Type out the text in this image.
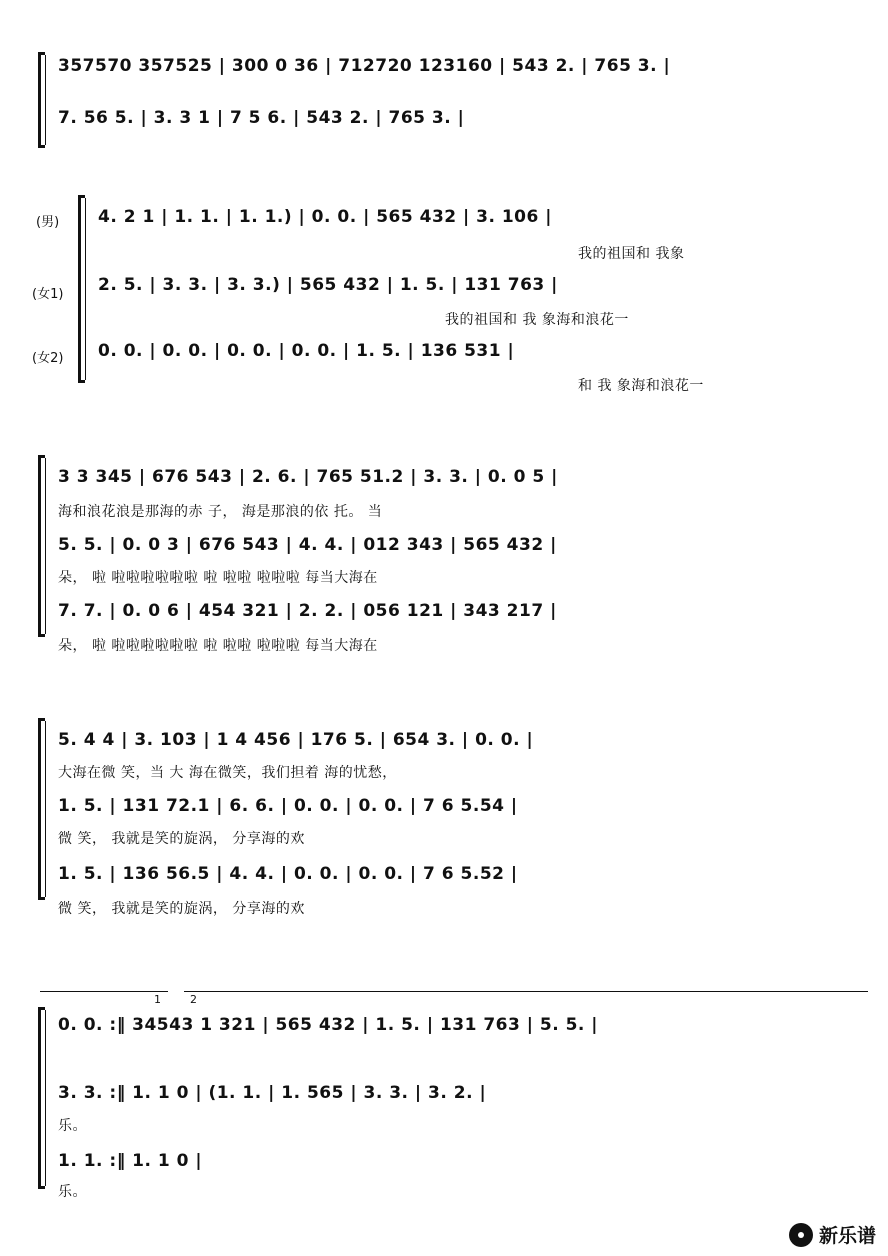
357570 357525 | 300 0 36 | 712720 123160 | 543 2. | 765 3. |
7. 56 5. | 3. 3 1 | 7 5 6. | 543 2. | 765 3. |
(男) 4. 2 1 | 1. 1. | 1. 1.) | 0. 0. | 565 432 | 3. 106 |
我的祖国和 我象
(女1) 2. 5. | 3. 3. | 3. 3.) | 565 432 | 1. 5. | 131 763 |
我的祖国和 我 象海和浪花一
(女2) 0. 0. | 0. 0. | 0. 0. | 0. 0. | 1. 5. | 136 531 |
和 我 象海和浪花一
3 3 345 | 676 543 | 2. 6. | 765 51.2 | 3. 3. | 0. 0 5 |
海和浪花浪是那海的赤 子， 海是那浪的依 托。 当
5. 5. | 0. 0 3 | 676 543 | 4. 4. | 012 343 | 565 432 |
朵， 啦 啦啦啦啦啦啦 啦 啦啦 啦啦啦 每当大海在
7. 7. | 0. 0 6 | 454 321 | 2. 2. | 056 121 | 343 217 |
朵， 啦 啦啦啦啦啦啦 啦 啦啦 啦啦啦 每当大海在
5. 4 4 | 3. 103 | 1 4 456 | 176 5. | 654 3. | 0. 0. |
大海在微 笑，当 大 海在微笑，我们担着 海的忧愁，
1. 5. | 131 72.1 | 6. 6. | 0. 0. | 0. 0. | 7 6 5.54 |
微 笑， 我就是笑的旋涡， 分享海的欢
1. 5. | 136 56.5 | 4. 4. | 0. 0. | 0. 0. | 7 6 5.52 |
微 笑， 我就是笑的旋涡， 分享海的欢
1	2
0. 0. :‖ 34543 1 321 | 565 432 | 1. 5. | 131 763 | 5. 5. |
3. 3. :‖ 1. 1 0 | (1. 1. | 1. 565 | 3. 3. | 3. 2. |
乐。
1. 1. :‖ 1. 1 0 |
乐。
新乐谱
